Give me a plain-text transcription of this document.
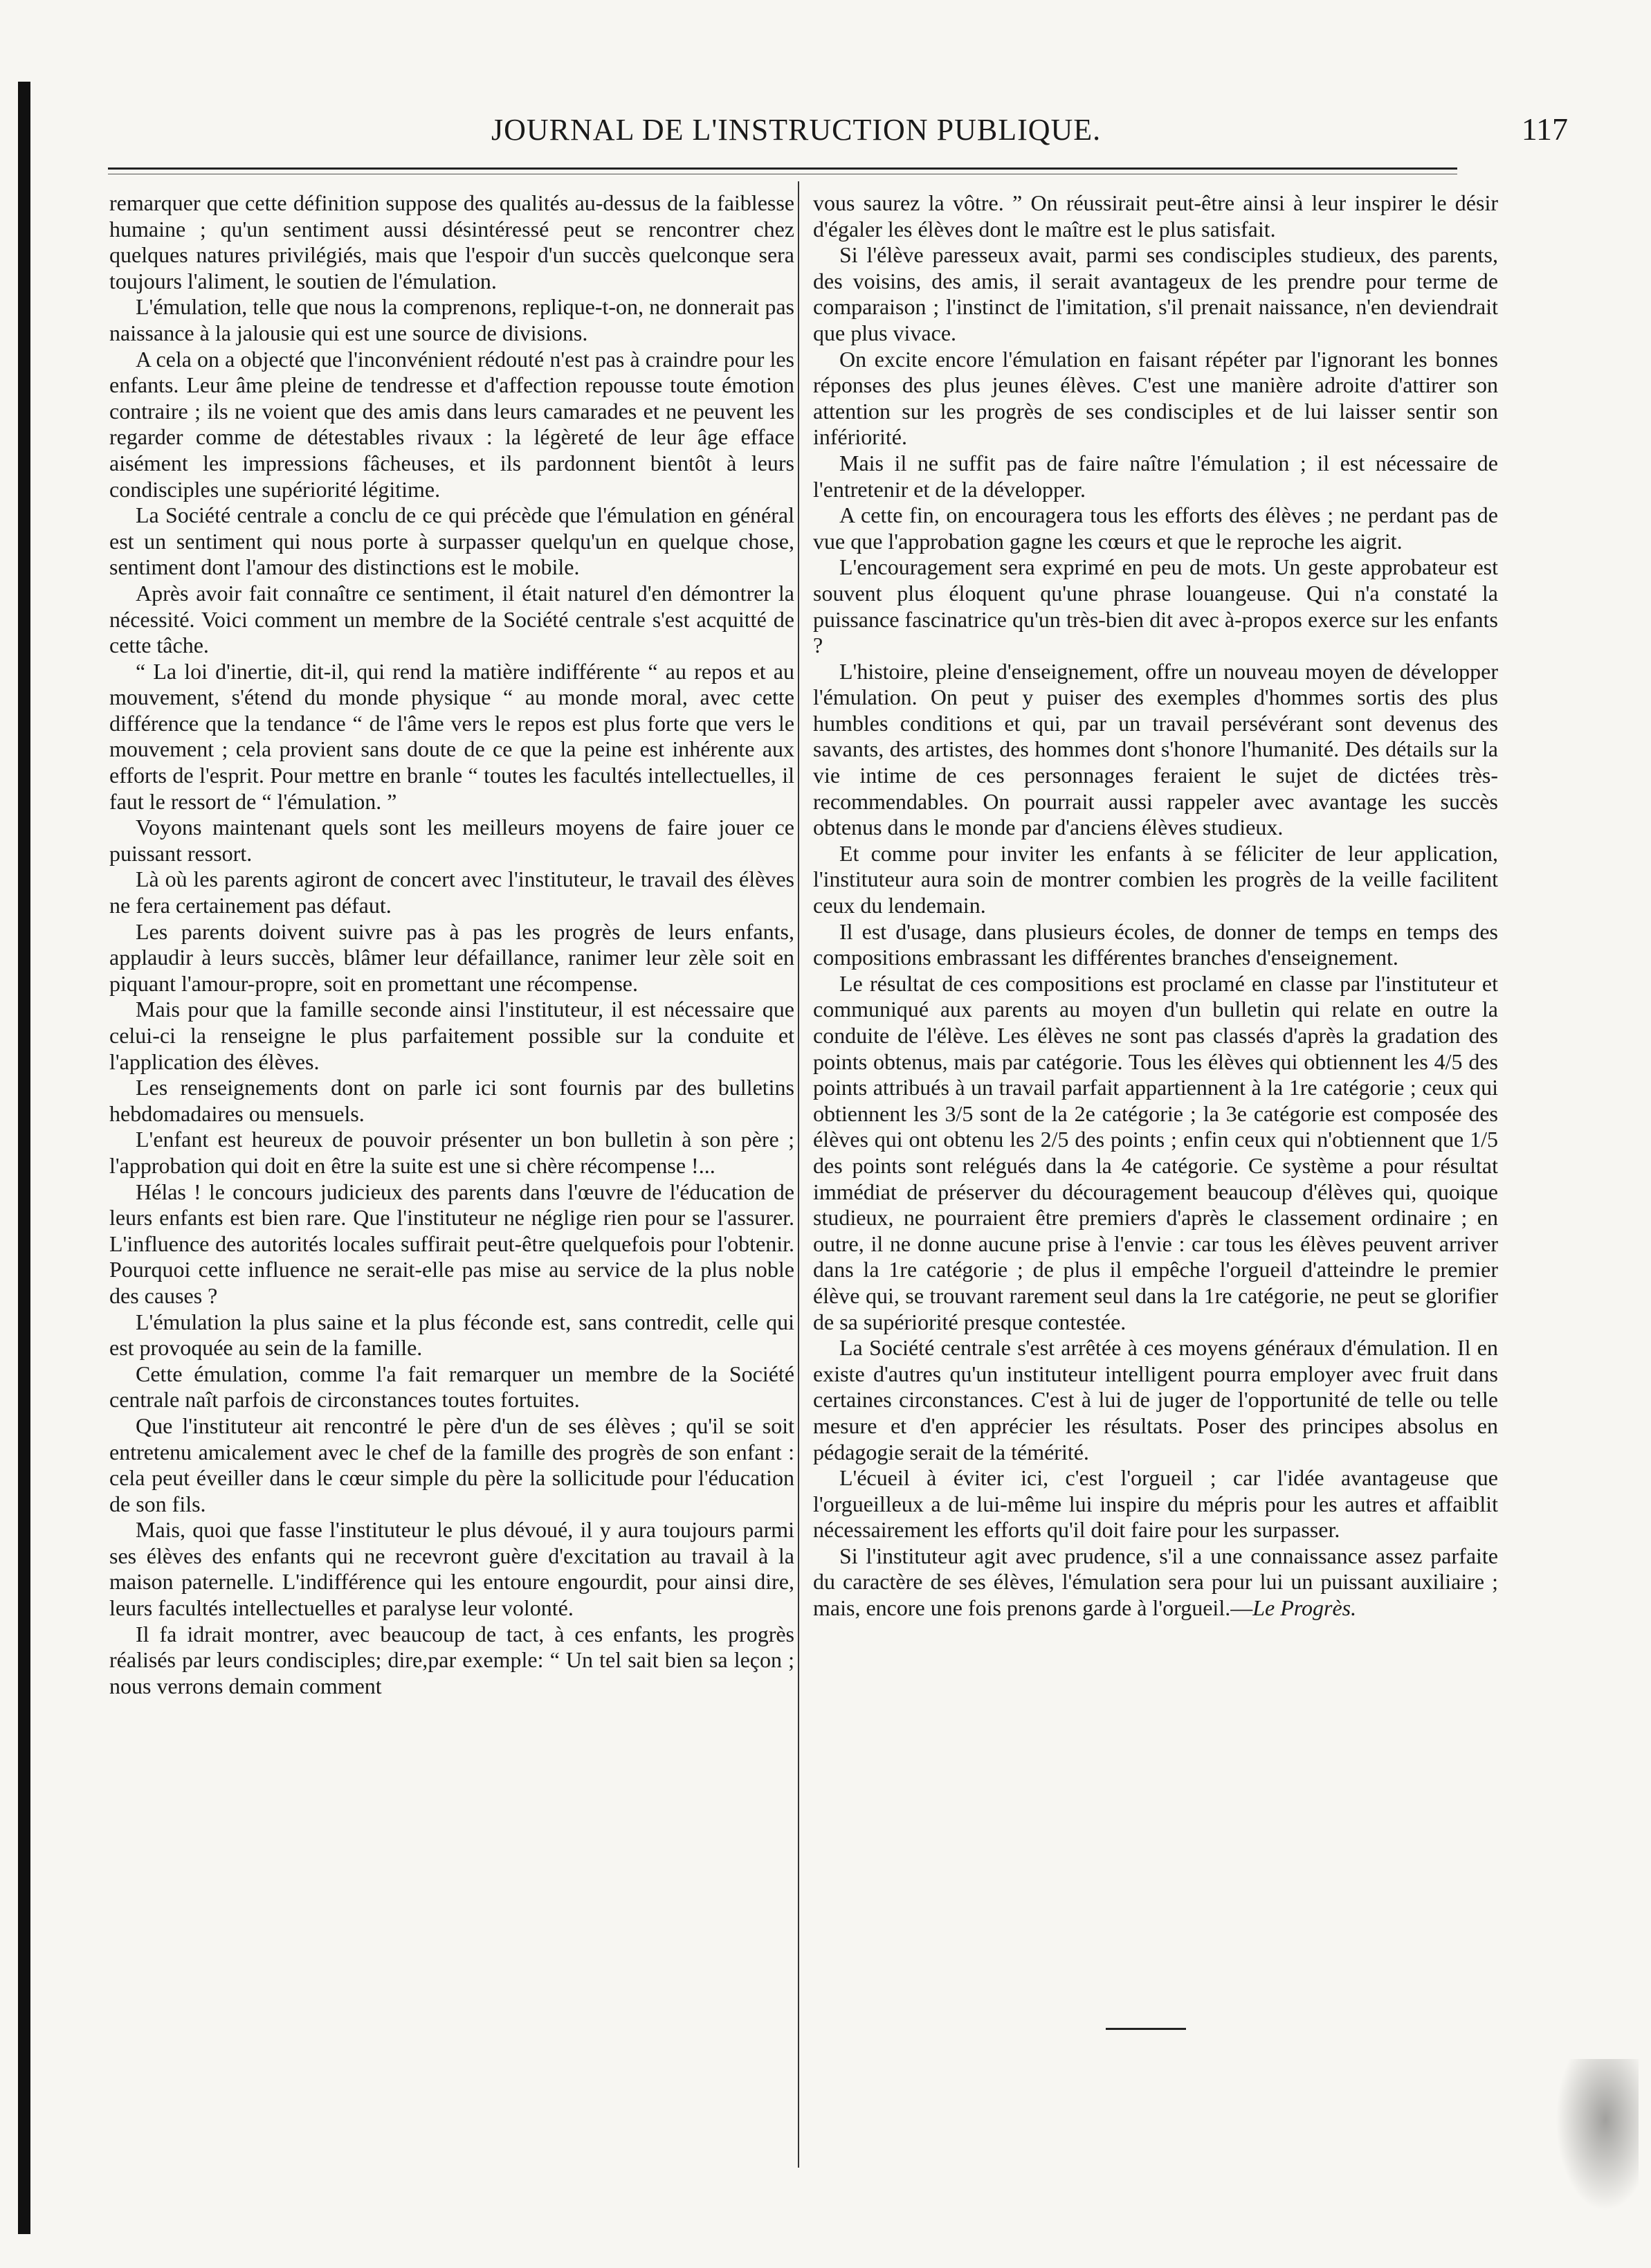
JOURNAL DE L'INSTRUCTION PUBLIQUE.	117

remarquer que cette définition suppose des qualités au-dessus de la faiblesse humaine ; qu'un sentiment aussi désintéressé peut se rencontrer chez quelques natures privilégiés, mais que l'espoir d'un succès quelconque sera toujours l'aliment, le soutien de l'émulation.

L'émulation, telle que nous la comprenons, replique-t-on, ne donnerait pas naissance à la jalousie qui est une source de divisions.

A cela on a objecté que l'inconvénient rédouté n'est pas à craindre pour les enfants. Leur âme pleine de tendresse et d'affection repousse toute émotion contraire ; ils ne voient que des amis dans leurs camarades et ne peuvent les regarder comme de détestables rivaux : la légèreté de leur âge efface aisément les impressions fâcheuses, et ils pardonnent bientôt à leurs condisciples une supériorité légitime.

La Société centrale a conclu de ce qui précède que l'émulation en général est un sentiment qui nous porte à surpasser quelqu'un en quelque chose, sentiment dont l'amour des distinctions est le mobile.

Après avoir fait connaître ce sentiment, il était naturel d'en démontrer la nécessité. Voici comment un membre de la Société centrale s'est acquitté de cette tâche.

“ La loi d'inertie, dit-il, qui rend la matière indifférente “ au repos et au mouvement, s'étend du monde physique “ au monde moral, avec cette différence que la tendance “ de l'âme vers le repos est plus forte que vers le mouvement ; cela provient sans doute de ce que la peine est inhérente aux efforts de l'esprit. Pour mettre en branle “ toutes les facultés intellectuelles, il faut le ressort de “ l'émulation. ”

Voyons maintenant quels sont les meilleurs moyens de faire jouer ce puissant ressort.

Là où les parents agiront de concert avec l'instituteur, le travail des élèves ne fera certainement pas défaut.

Les parents doivent suivre pas à pas les progrès de leurs enfants, applaudir à leurs succès, blâmer leur défaillance, ranimer leur zèle soit en piquant l'amour-propre, soit en promettant une récompense.

Mais pour que la famille seconde ainsi l'instituteur, il est nécessaire que celui-ci la renseigne le plus parfaitement possible sur la conduite et l'application des élèves.

Les renseignements dont on parle ici sont fournis par des bulletins hebdomadaires ou mensuels.

L'enfant est heureux de pouvoir présenter un bon bulletin à son père ; l'approbation qui doit en être la suite est une si chère récompense !...

Hélas ! le concours judicieux des parents dans l'œuvre de l'éducation de leurs enfants est bien rare. Que l'instituteur ne néglige rien pour se l'assurer. L'influence des autorités locales suffirait peut-être quelquefois pour l'obtenir. Pourquoi cette influence ne serait-elle pas mise au service de la plus noble des causes ?

L'émulation la plus saine et la plus féconde est, sans contredit, celle qui est provoquée au sein de la famille.

Cette émulation, comme l'a fait remarquer un membre de la Société centrale naît parfois de circonstances toutes fortuites.

Que l'instituteur ait rencontré le père d'un de ses élèves ; qu'il se soit entretenu amicalement avec le chef de la famille des progrès de son enfant : cela peut éveiller dans le cœur simple du père la sollicitude pour l'éducation de son fils.

Mais, quoi que fasse l'instituteur le plus dévoué, il y aura toujours parmi ses élèves des enfants qui ne recevront guère d'excitation au travail à la maison paternelle. L'indifférence qui les entoure engourdit, pour ainsi dire, leurs facultés intellectuelles et paralyse leur volonté.

Il fa idrait montrer, avec beaucoup de tact, à ces enfants, les progrès réalisés par leurs condisciples; dire,par exemple: “ Un tel sait bien sa leçon ; nous verrons demain comment

vous saurez la vôtre. ” On réussirait peut-être ainsi à leur inspirer le désir d'égaler les élèves dont le maître est le plus satisfait.

Si l'élève paresseux avait, parmi ses condisciples studieux, des parents, des voisins, des amis, il serait avantageux de les prendre pour terme de comparaison ; l'instinct de l'imitation, s'il prenait naissance, n'en deviendrait que plus vivace.

On excite encore l'émulation en faisant répéter par l'ignorant les bonnes réponses des plus jeunes élèves. C'est une manière adroite d'attirer son attention sur les progrès de ses condisciples et de lui laisser sentir son infériorité.

Mais il ne suffit pas de faire naître l'émulation ; il est nécessaire de l'entretenir et de la développer.

A cette fin, on encouragera tous les efforts des élèves ; ne perdant pas de vue que l'approbation gagne les cœurs et que le reproche les aigrit.

L'encouragement sera exprimé en peu de mots. Un geste approbateur est souvent plus éloquent qu'une phrase louangeuse. Qui n'a constaté la puissance fascinatrice qu'un très-bien dit avec à-propos exerce sur les enfants ?

L'histoire, pleine d'enseignement, offre un nouveau moyen de développer l'émulation. On peut y puiser des exemples d'hommes sortis des plus humbles conditions et qui, par un travail persévérant sont devenus des savants, des artistes, des hommes dont s'honore l'humanité. Des détails sur la vie intime de ces personnages feraient le sujet de dictées très-recommendables. On pourrait aussi rappeler avec avantage les succès obtenus dans le monde par d'anciens élèves studieux.

Et comme pour inviter les enfants à se féliciter de leur application, l'instituteur aura soin de montrer combien les progrès de la veille facilitent ceux du lendemain.

Il est d'usage, dans plusieurs écoles, de donner de temps en temps des compositions embrassant les différentes branches d'enseignement.

Le résultat de ces compositions est proclamé en classe par l'instituteur et communiqué aux parents au moyen d'un bulletin qui relate en outre la conduite de l'élève. Les élèves ne sont pas classés d'après la gradation des points obtenus, mais par catégorie. Tous les élèves qui obtiennent les 4/5 des points attribués à un travail parfait appartiennent à la 1re catégorie ; ceux qui obtiennent les 3/5 sont de la 2e catégorie ; la 3e catégorie est composée des élèves qui ont obtenu les 2/5 des points ; enfin ceux qui n'obtiennent que 1/5 des points sont relégués dans la 4e catégorie. Ce système a pour résultat immédiat de préserver du découragement beaucoup d'élèves qui, quoique studieux, ne pourraient être premiers d'après le classement ordinaire ; en outre, il ne donne aucune prise à l'envie : car tous les élèves peuvent arriver dans la 1re catégorie ; de plus il empêche l'orgueil d'atteindre le premier élève qui, se trouvant rarement seul dans la 1re catégorie, ne peut se glorifier de sa supériorité presque contestée.

La Société centrale s'est arrêtée à ces moyens généraux d'émulation. Il en existe d'autres qu'un instituteur intelligent pourra employer avec fruit dans certaines circonstances. C'est à lui de juger de l'opportunité de telle ou telle mesure et d'en apprécier les résultats. Poser des principes absolus en pédagogie serait de la témérité.

L'écueil à éviter ici, c'est l'orgueil ; car l'idée avantageuse que l'orgueilleux a de lui-même lui inspire du mépris pour les autres et affaiblit nécessairement les efforts qu'il doit faire pour les surpasser.

Si l'instituteur agit avec prudence, s'il a une connaissance assez parfaite du caractère de ses élèves, l'émulation sera pour lui un puissant auxiliaire ; mais, encore une fois prenons garde à l'orgueil.—Le Progrès.
